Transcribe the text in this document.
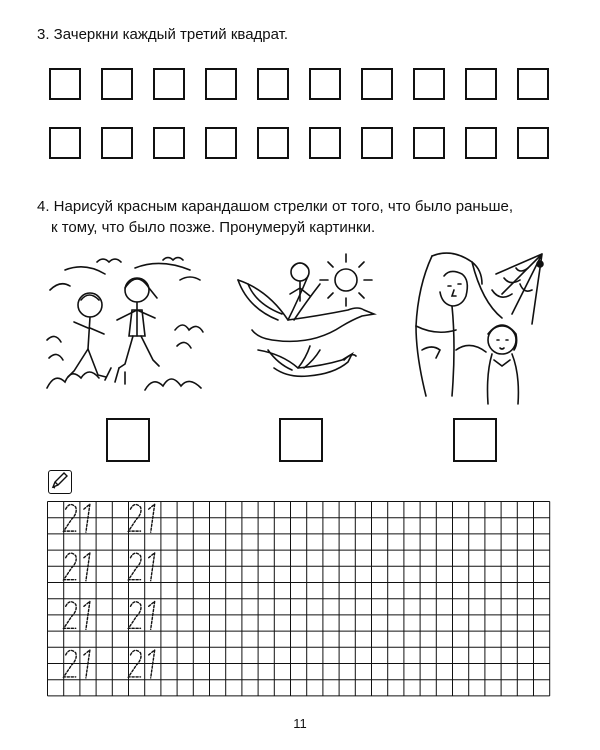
3. Зачеркни каждый третий квадрат.
4. Нарисуй красным карандашом стрелки от того, что было раньше,
к тому, что было позже. Пронумеруй картинки.
11
